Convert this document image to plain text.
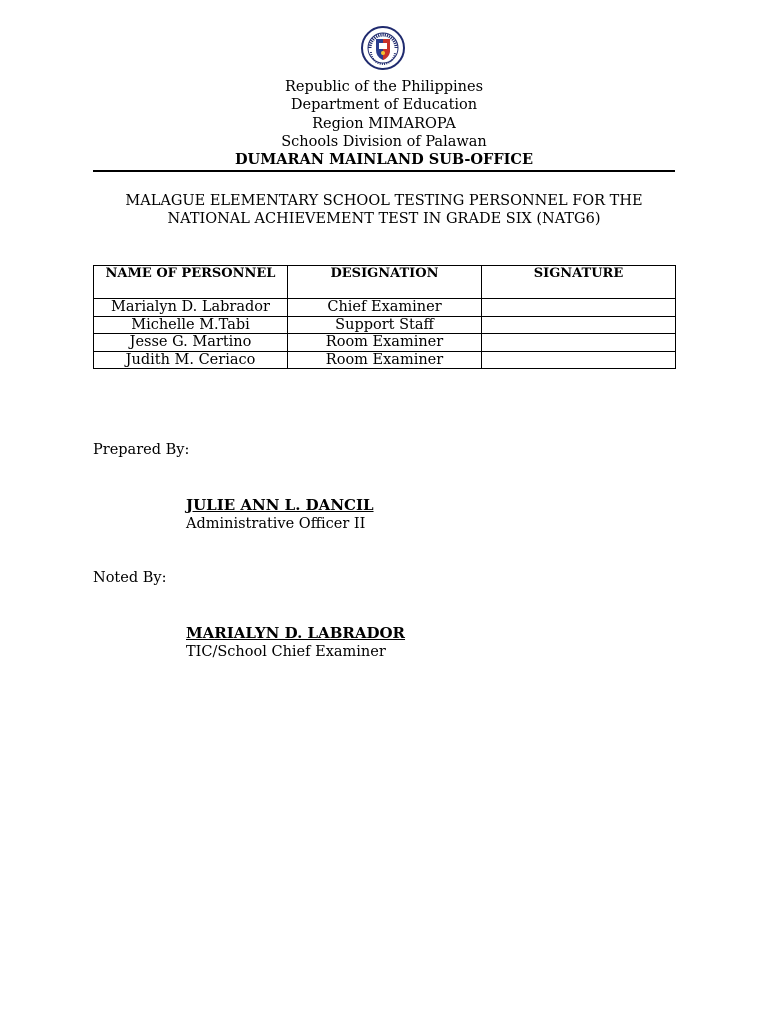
Republic of the Philippines
Department of Education
Region MIMAROPA
Schools Division of Palawan
DUMARAN MAINLAND SUB-OFFICE
MALAGUE ELEMENTARY SCHOOL TESTING PERSONNEL FOR THE
NATIONAL ACHIEVEMENT TEST IN GRADE SIX (NATG6)
NAME OF PERSONNEL	DESIGNATION	SIGNATURE
Marialyn D. Labrador	Chief Examiner	
Michelle M.Tabi	Support Staff	
Jesse G. Martino	Room Examiner	
Judith M. Ceriaco	Room Examiner	
Prepared By:
JULIE ANN L. DANCIL
Administrative Officer II
Noted By:
MARIALYN D. LABRADOR
TIC/School Chief Examiner
